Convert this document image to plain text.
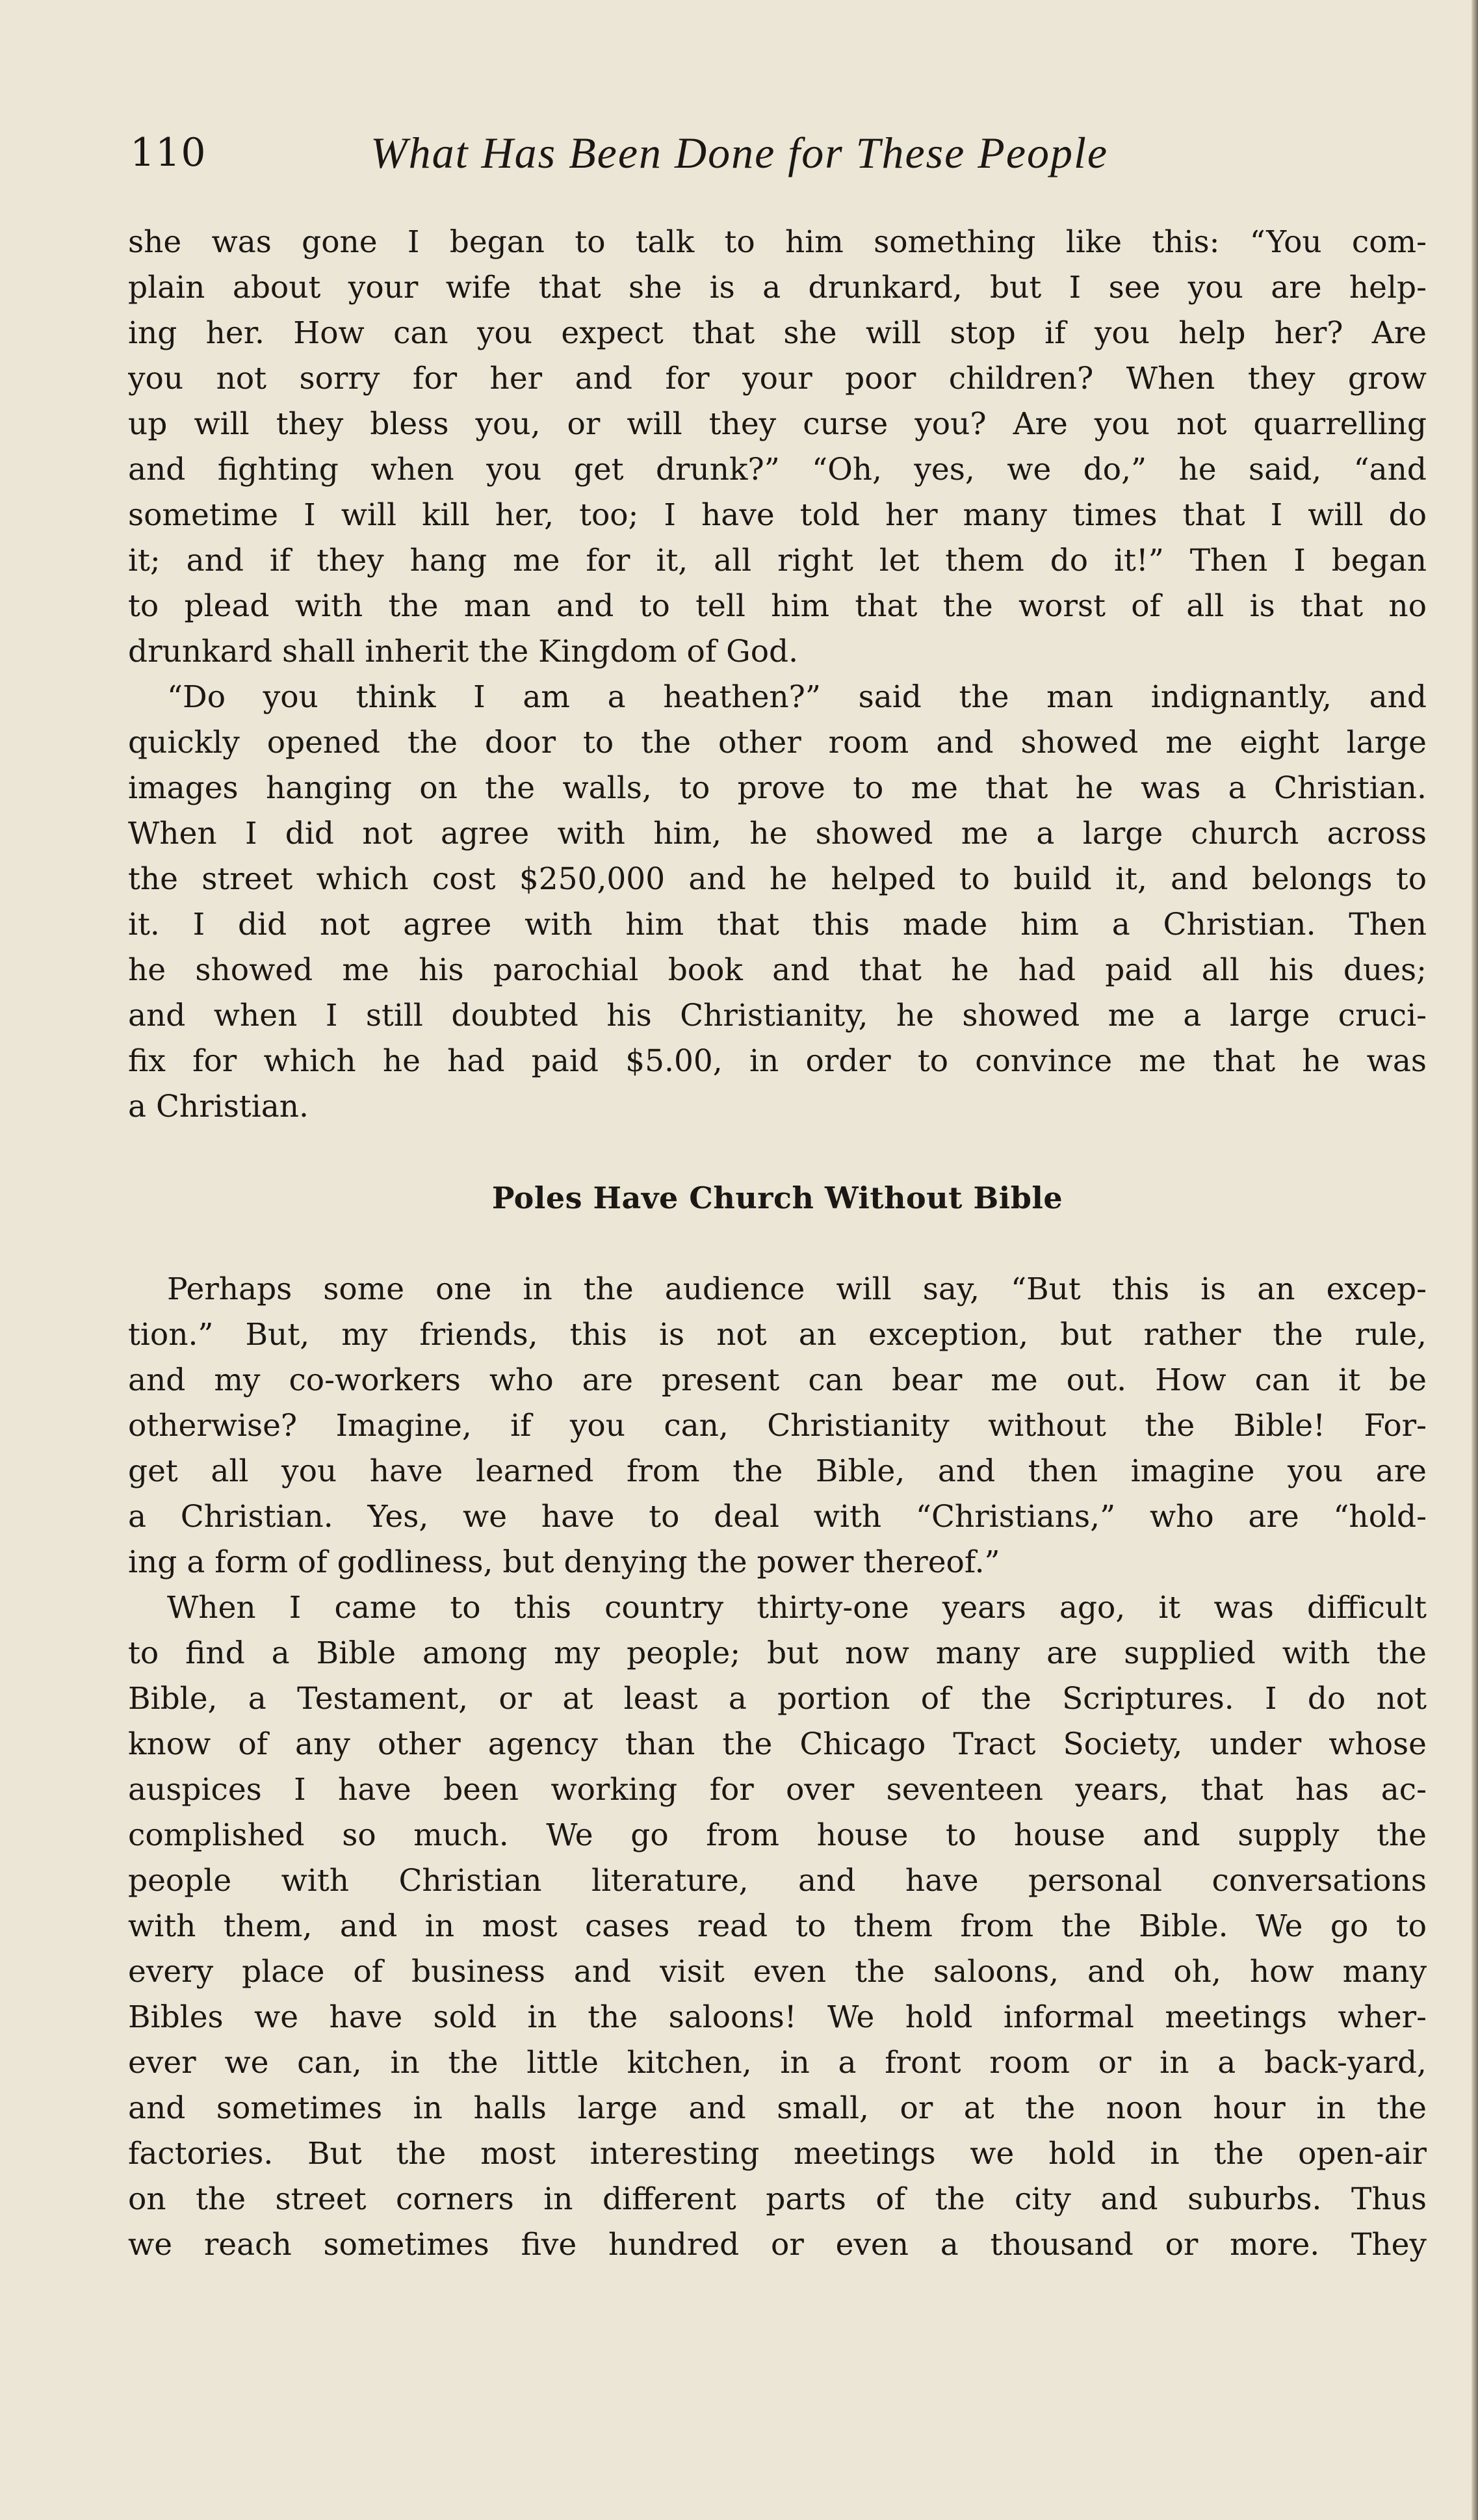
110	What Has Been Done for These People
she was gone I began to talk to him something like this: “You com-
plain about your wife that she is a drunkard, but I see you are help-
ing her. How can you expect that she will stop if you help her? Are
you not sorry for her and for your poor children? When they grow
up will they bless you, or will they curse you? Are you not quarrelling
and fighting when you get drunk?” “Oh, yes, we do,” he said, “and
sometime I will kill her, too; I have told her many times that I will do
it; and if they hang me for it, all right let them do it!” Then I began
to plead with the man and to tell him that the worst of all is that no
drunkard shall inherit the Kingdom of God.
“Do you think I am a heathen?” said the man indignantly, and
quickly opened the door to the other room and showed me eight large
images hanging on the walls, to prove to me that he was a Christian.
When I did not agree with him, he showed me a large church across
the street which cost $250,000 and he helped to build it, and belongs to
it. I did not agree with him that this made him a Christian. Then
he showed me his parochial book and that he had paid all his dues;
and when I still doubted his Christianity, he showed me a large cruci-
fix for which he had paid $5.00, in order to convince me that he was
a Christian.
Poles Have Church Without Bible
Perhaps some one in the audience will say, “But this is an excep-
tion.” But, my friends, this is not an exception, but rather the rule,
and my co-workers who are present can bear me out. How can it be
otherwise? Imagine, if you can, Christianity without the Bible! For-
get all you have learned from the Bible, and then imagine you are
a Christian. Yes, we have to deal with “Christians,” who are “hold-
ing a form of godliness, but denying the power thereof.”
When I came to this country thirty-one years ago, it was difficult
to find a Bible among my people; but now many are supplied with the
Bible, a Testament, or at least a portion of the Scriptures. I do not
know of any other agency than the Chicago Tract Society, under whose
auspices I have been working for over seventeen years, that has ac-
complished so much. We go from house to house and supply the
people with Christian literature, and have personal conversations
with them, and in most cases read to them from the Bible. We go to
every place of business and visit even the saloons, and oh, how many
Bibles we have sold in the saloons! We hold informal meetings wher-
ever we can, in the little kitchen, in a front room or in a back-yard,
and sometimes in halls large and small, or at the noon hour in the
factories. But the most interesting meetings we hold in the open-air
on the street corners in different parts of the city and suburbs. Thus
we reach sometimes five hundred or even a thousand or more. They
